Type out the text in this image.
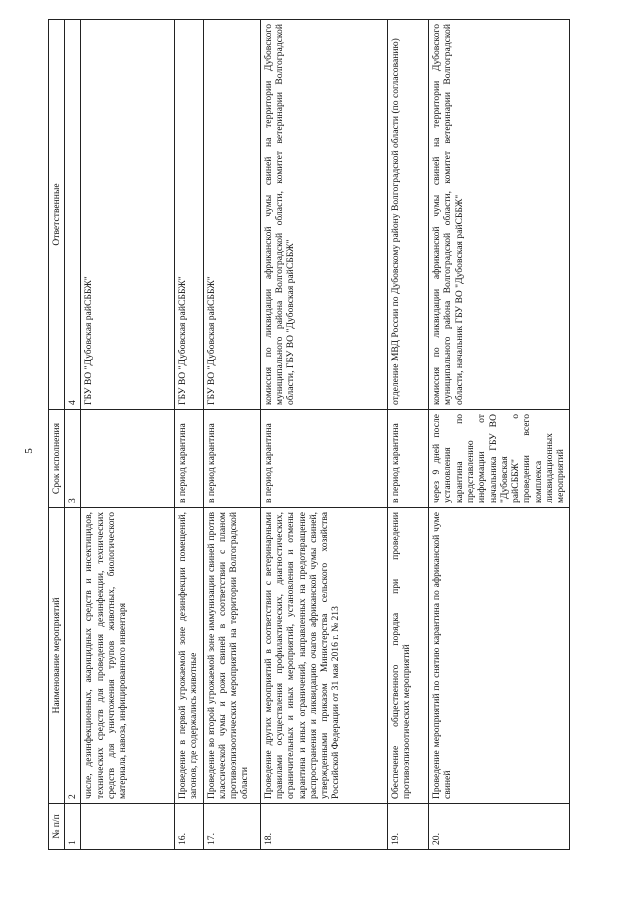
5
№ п/п	Наименование мероприятий	Срок исполнения	Ответственные
1	2	3	4
	числе, дезинфекционных, акарицидных средств и инсектицидов, технических средств для проведения дезинфекции, технических средств для уничтожения трупов животных, биологического материала, навоза, инфицированного инвентаря		ГБУ ВО "Дубовская райСББЖ"
16.	Проведение в первой угрожаемой зоне дезинфекции помещений, загонов, где содержались животные	в период карантина	ГБУ ВО "Дубовская райСББЖ"
17.	Проведение во второй угрожаемой зоне иммунизации свиней против классической чумы и рожи свиней в соответствии с планом противоэпизоотических мероприятий на территории Волгоградской области	в период карантина	ГБУ ВО "Дубовская райСББЖ"
18.	Проведение других мероприятий в соответствии с ветеринарными правилами осуществления профилактических, диагностических, ограничительных и иных мероприятий, установления и отмены карантина и иных ограничений, направленных на предотвращение распространения и ликвидацию очагов африканской чумы свиней, утвержденными приказом Министерства сельского хозяйства Российской Федерации от 31 мая 2016 г. № 213	в период карантина	комиссия по ликвидации африканской чумы свиней на территории Дубовского муниципального района Волгоградской области, комитет ветеринарии Волгоградской области, ГБУ ВО "Дубовская райСББЖ"
19.	Обеспечение общественного порядка при проведении противоэпизоотических мероприятий	в период карантина	отделение МВД России по Дубовскому району Волгоградской области (по согласованию)
20.	Проведение мероприятий по снятию карантина по африканской чуме свиней	через 9 дней после установления карантина по представлению информации от начальника ГБУ ВО "Дубовская райСББЖ" о проведении всего комплекса ликвидационных мероприятий	комиссия по ликвидации африканской чумы свиней на территории Дубовского муниципального района Волгоградской области, комитет ветеринарии Волгоградской области, начальник ГБУ ВО "Дубовская райСББЖ"
